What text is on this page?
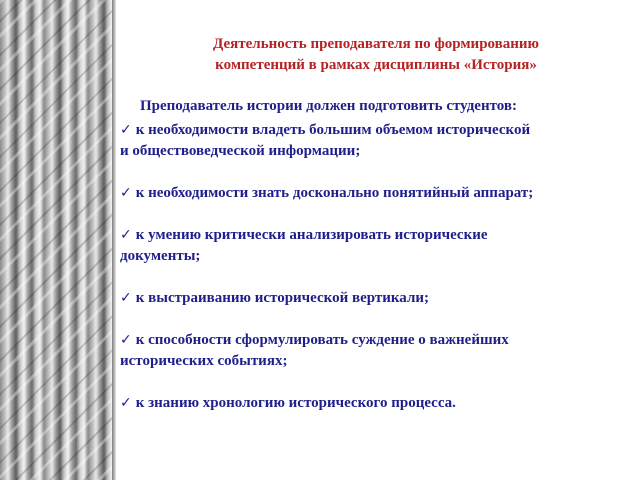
Деятельность преподавателя по формированию
компетенций в рамках дисциплины «История»
Преподаватель истории должен подготовить студентов:
✓ к необходимости владеть большим объемом исторической
и обществоведческой информации;
✓ к необходимости знать досконально понятийный аппарат;
✓ к умению критически анализировать исторические
документы;
✓ к выстраиванию исторической вертикали;
✓ к способности сформулировать суждение о важнейших
исторических событиях;
✓ к знанию хронологию исторического процесса.
